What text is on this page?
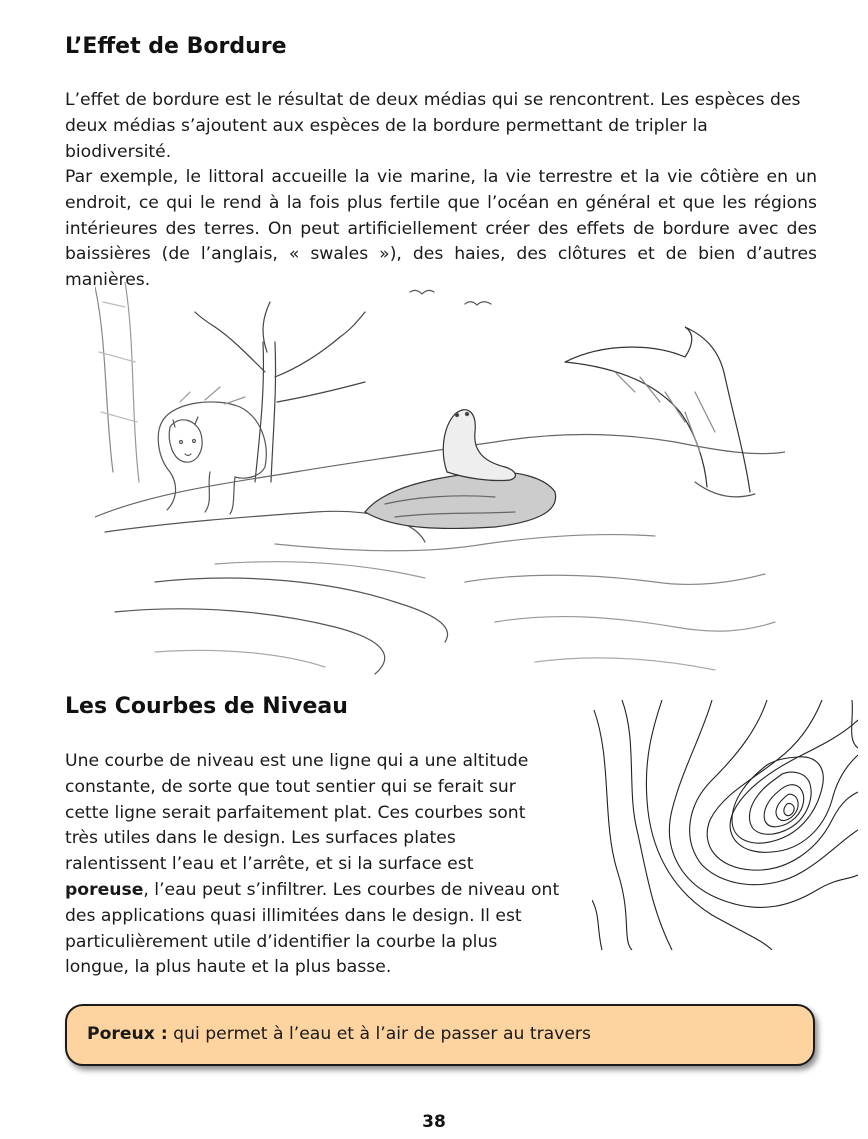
L’Effet de Bordure

L’effet de bordure est le résultat de deux médias qui se rencontrent. Les espèces des deux médias s’ajoutent aux espèces de la bordure permettant de tripler la biodiversité.

Par exemple, le littoral accueille la vie marine, la vie terrestre et la vie côtière en un endroit, ce qui le rend à la fois plus fertile que l’océan en général et que les régions intérieures des terres. On peut artificiellement créer des effets de bordure avec des baissières (de l’anglais, « swales »), des haies, des clôtures et de bien d’autres manières.

Les Courbes de Niveau

Une courbe de niveau est une ligne qui a une altitude constante, de sorte que tout sentier qui se ferait sur cette ligne serait parfaitement plat. Ces courbes sont très utiles dans le design. Les surfaces plates ralentissent l’eau et l’arrête, et si la surface est poreuse, l’eau peut s’infiltrer. Les courbes de niveau ont des applications quasi illimitées dans le design. Il est particulièrement utile d’identifier la courbe la plus longue, la plus haute et la plus basse.

Poreux : qui permet à l’eau et à l’air de passer au travers
38
